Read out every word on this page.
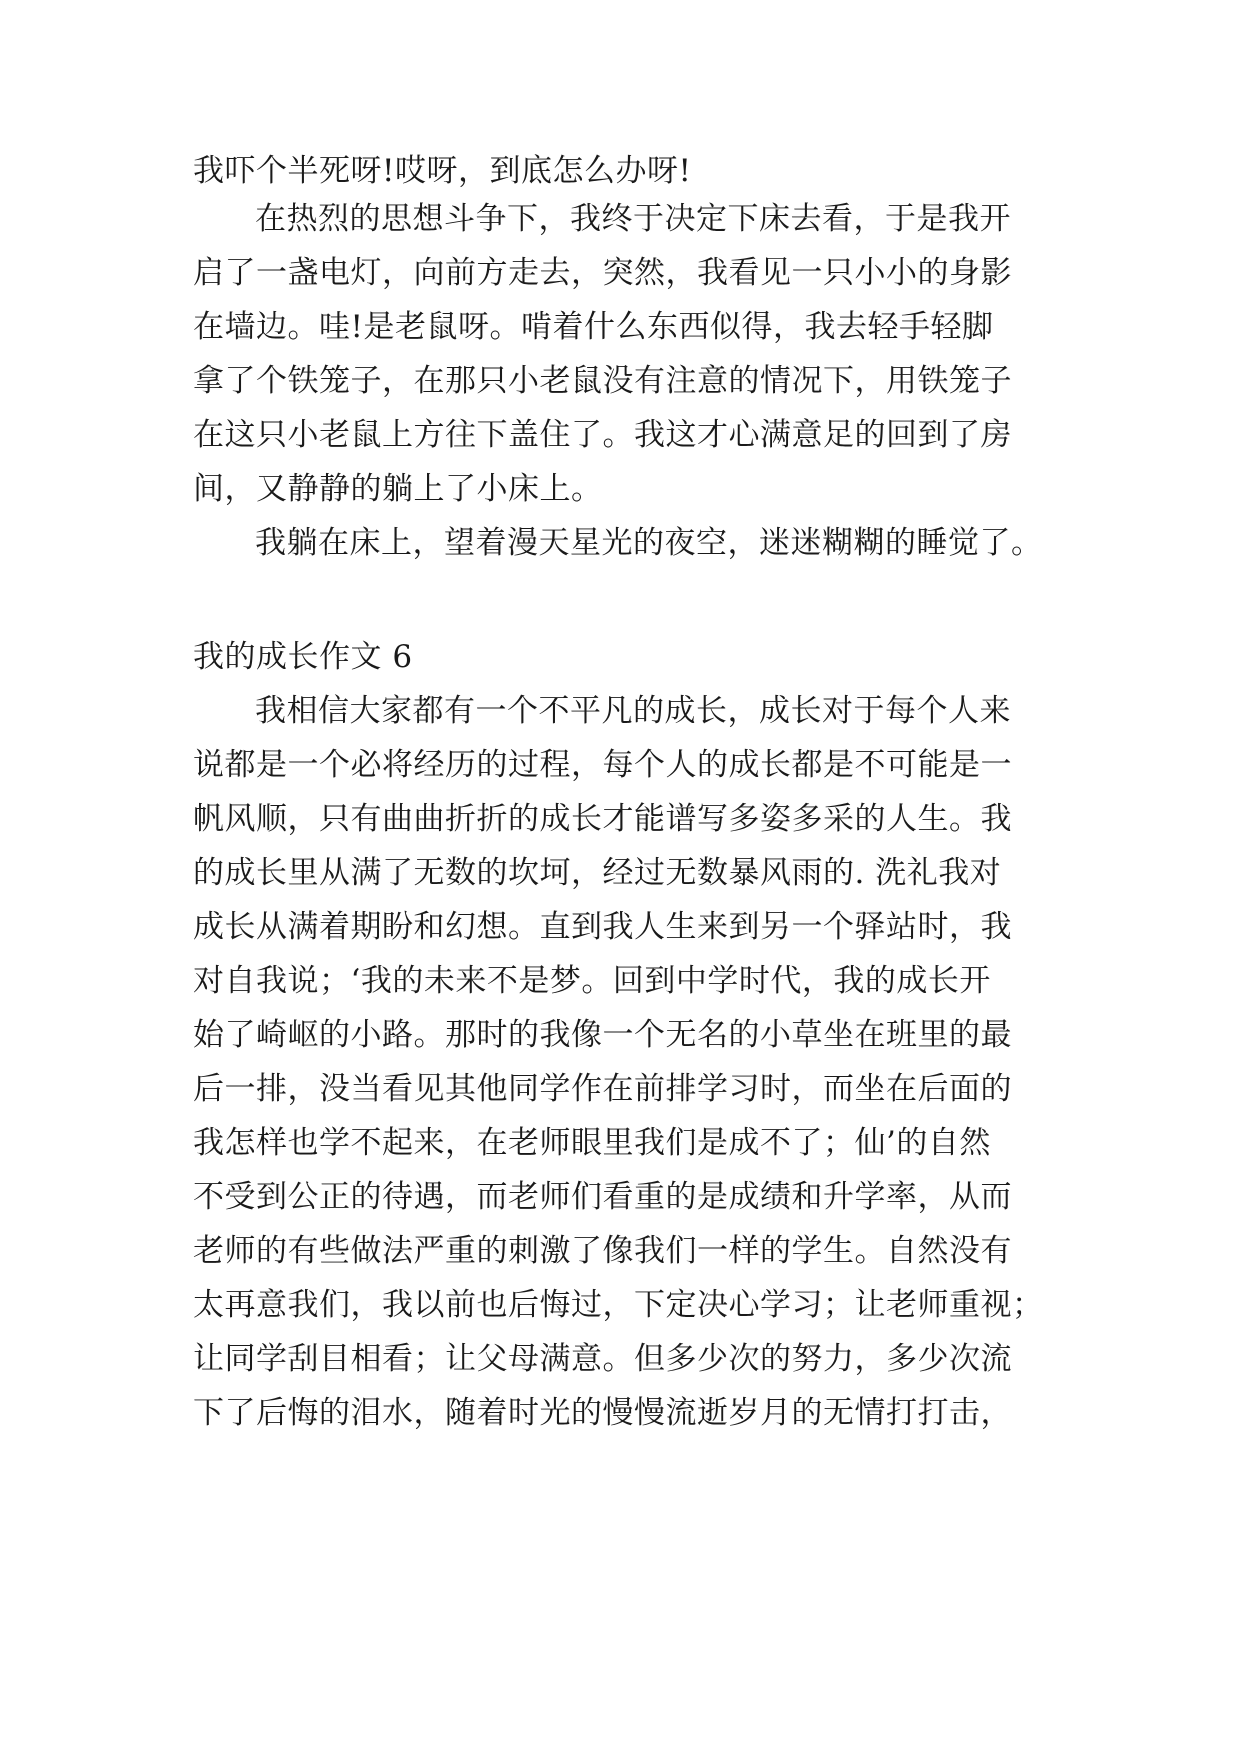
我吓个半死呀!哎呀，到底怎么办呀!
在热烈的思想斗争下，我终于决定下床去看，于是我开
启了一盏电灯，向前方走去，突然，我看见一只小小的身影
在墙边。哇!是老鼠呀。啃着什么东西似得，我去轻手轻脚
拿了个铁笼子，在那只小老鼠没有注意的情况下，用铁笼子
在这只小老鼠上方往下盖住了。我这才心满意足的回到了房
间，又静静的躺上了小床上。
我躺在床上，望着漫天星光的夜空，迷迷糊糊的睡觉了。
我的成长作文 6
我相信大家都有一个不平凡的成长，成长对于每个人来
说都是一个必将经历的过程，每个人的成长都是不可能是一
帆风顺，只有曲曲折折的成长才能谱写多姿多采的人生。我
的成长里从满了无数的坎坷，经过无数暴风雨的. 洗礼我对
成长从满着期盼和幻想。直到我人生来到另一个驿站时，我
对自我说；‘我的未来不是梦。回到中学时代，我的成长开
始了崎岖的小路。那时的我像一个无名的小草坐在班里的最
后一排，没当看见其他同学作在前排学习时，而坐在后面的
我怎样也学不起来，在老师眼里我们是成不了；仙’的自然
不受到公正的待遇，而老师们看重的是成绩和升学率，从而
老师的有些做法严重的刺激了像我们一样的学生。自然没有
太再意我们，我以前也后悔过，下定决心学习；让老师重视；
让同学刮目相看；让父母满意。但多少次的努力，多少次流
下了后悔的泪水，随着时光的慢慢流逝岁月的无情打打击，
